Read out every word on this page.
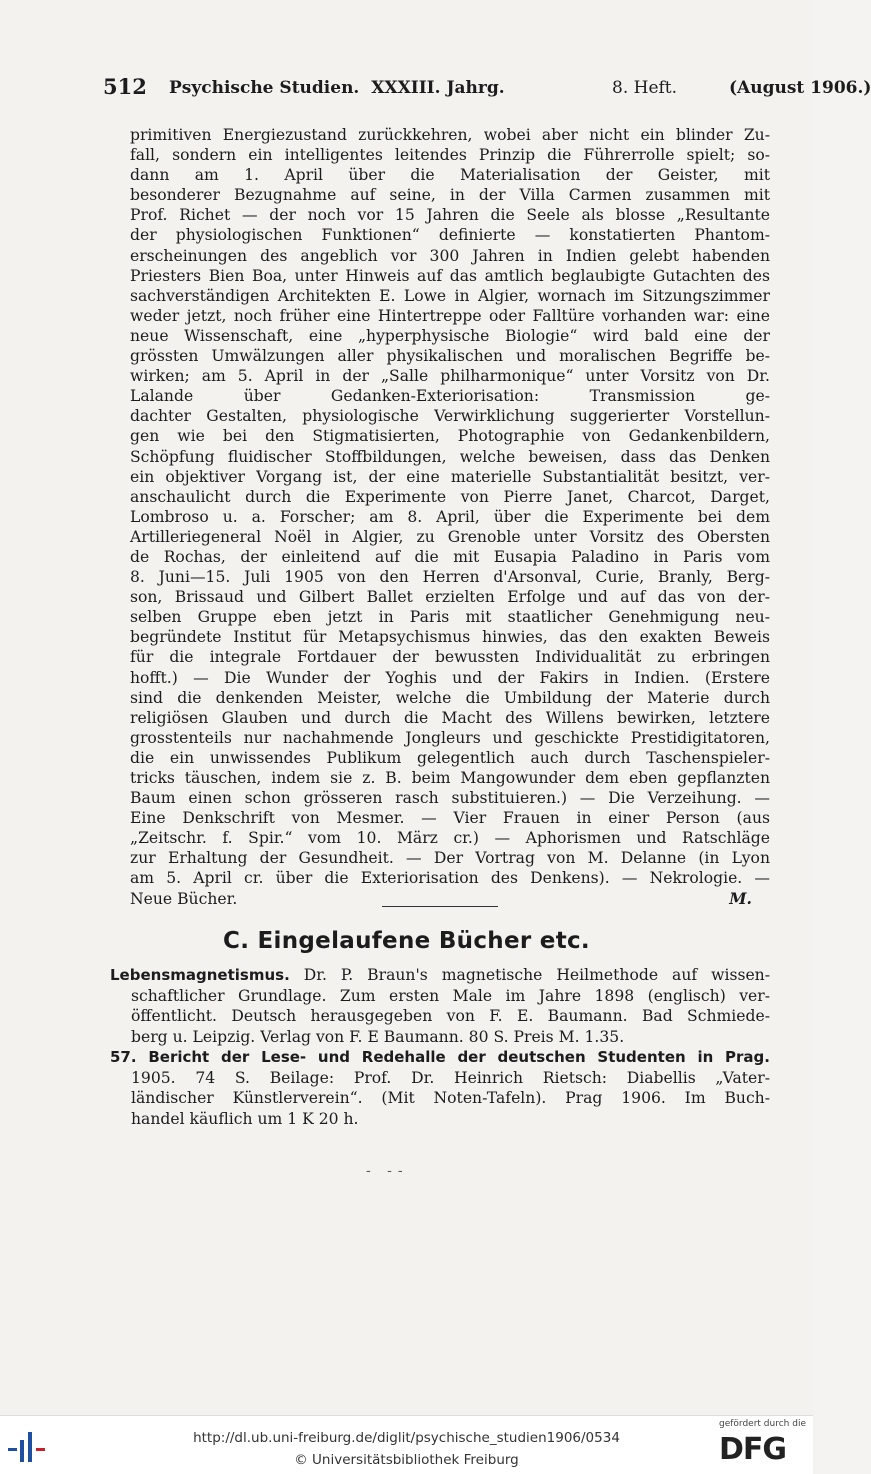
512 Psychische Studien. XXXIII. Jahrg.	8. Heft.	(August 1906.)
primitiven Energiezustand zurückkehren, wobei aber nicht ein blinder Zu-
fall, sondern ein intelligentes leitendes Prinzip die Führerrolle spielt; so-
dann am 1. April über die Materialisation der Geister, mit
besonderer Bezugnahme auf seine, in der Villa Carmen zusammen mit
Prof. Richet — der noch vor 15 Jahren die Seele als blosse „Resultante
der physiologischen Funktionen“ definierte — konstatierten Phantom-
erscheinungen des angeblich vor 300 Jahren in Indien gelebt habenden
Priesters Bien Boa, unter Hinweis auf das amtlich beglaubigte Gutachten des
sachverständigen Architekten E. Lowe in Algier, wornach im Sitzungszimmer
weder jetzt, noch früher eine Hintertreppe oder Falltüre vorhanden war: eine
neue Wissenschaft, eine „hyperphysische Biologie“ wird bald eine der
grössten Umwälzungen aller physikalischen und moralischen Begriffe be-
wirken; am 5. April in der „Salle philharmonique“ unter Vorsitz von Dr.
Lalande über Gedanken-Exteriorisation: Transmission ge-
dachter Gestalten, physiologische Verwirklichung suggerierter Vorstellun-
gen wie bei den Stigmatisierten, Photographie von Gedankenbildern,
Schöpfung fluidischer Stoffbildungen, welche beweisen, dass das Denken
ein objektiver Vorgang ist, der eine materielle Substantialität besitzt, ver-
anschaulicht durch die Experimente von Pierre Janet, Charcot, Darget,
Lombroso u. a. Forscher; am 8. April, über die Experimente bei dem
Artilleriegeneral Noël in Algier, zu Grenoble unter Vorsitz des Obersten
de Rochas, der einleitend auf die mit Eusapia Paladino in Paris vom
8. Juni—15. Juli 1905 von den Herren d'Arsonval, Curie, Branly, Berg-
son, Brissaud und Gilbert Ballet erzielten Erfolge und auf das von der-
selben Gruppe eben jetzt in Paris mit staatlicher Genehmigung neu-
begründete Institut für Metapsychismus hinwies, das den exakten Beweis
für die integrale Fortdauer der bewussten Individualität zu erbringen
hofft.) — Die Wunder der Yoghis und der Fakirs in Indien. (Erstere
sind die denkenden Meister, welche die Umbildung der Materie durch
religiösen Glauben und durch die Macht des Willens bewirken, letztere
grosstenteils nur nachahmende Jongleurs und geschickte Prestidigitatoren,
die ein unwissendes Publikum gelegentlich auch durch Taschenspieler-
tricks täuschen, indem sie z. B. beim Mangowunder dem eben gepflanzten
Baum einen schon grösseren rasch substituieren.) — Die Verzeihung. —
Eine Denkschrift von Mesmer. — Vier Frauen in einer Person (aus
„Zeitschr. f. Spir.“ vom 10. März cr.) — Aphorismen und Ratschläge
zur Erhaltung der Gesundheit. — Der Vortrag von M. Delanne (in Lyon
am 5. April cr. über die Exteriorisation des Denkens). — Nekrologie. —
Neue Bücher.	M.
C. Eingelaufene Bücher etc.
Lebensmagnetismus. Dr. P. Braun's magnetische Heilmethode auf wissen-
schaftlicher Grundlage. Zum ersten Male im Jahre 1898 (englisch) ver-
öffentlicht. Deutsch herausgegeben von F. E. Baumann. Bad Schmiede-
berg u. Leipzig. Verlag von F. E Baumann. 80 S. Preis M. 1.35.
57. Bericht der Lese- und Redehalle der deutschen Studenten in Prag.
1905. 74 S. Beilage: Prof. Dr. Heinrich Rietsch: Diabellis „Vater-
ländischer Künstlerverein“. (Mit Noten-Tafeln). Prag 1906. Im Buch-
handel käuflich um 1 K 20 h.
- --
http://dl.ub.uni-freiburg.de/diglit/psychische_studien1906/0534
© Universitätsbibliothek Freiburg
gefördert durch die
DFG
